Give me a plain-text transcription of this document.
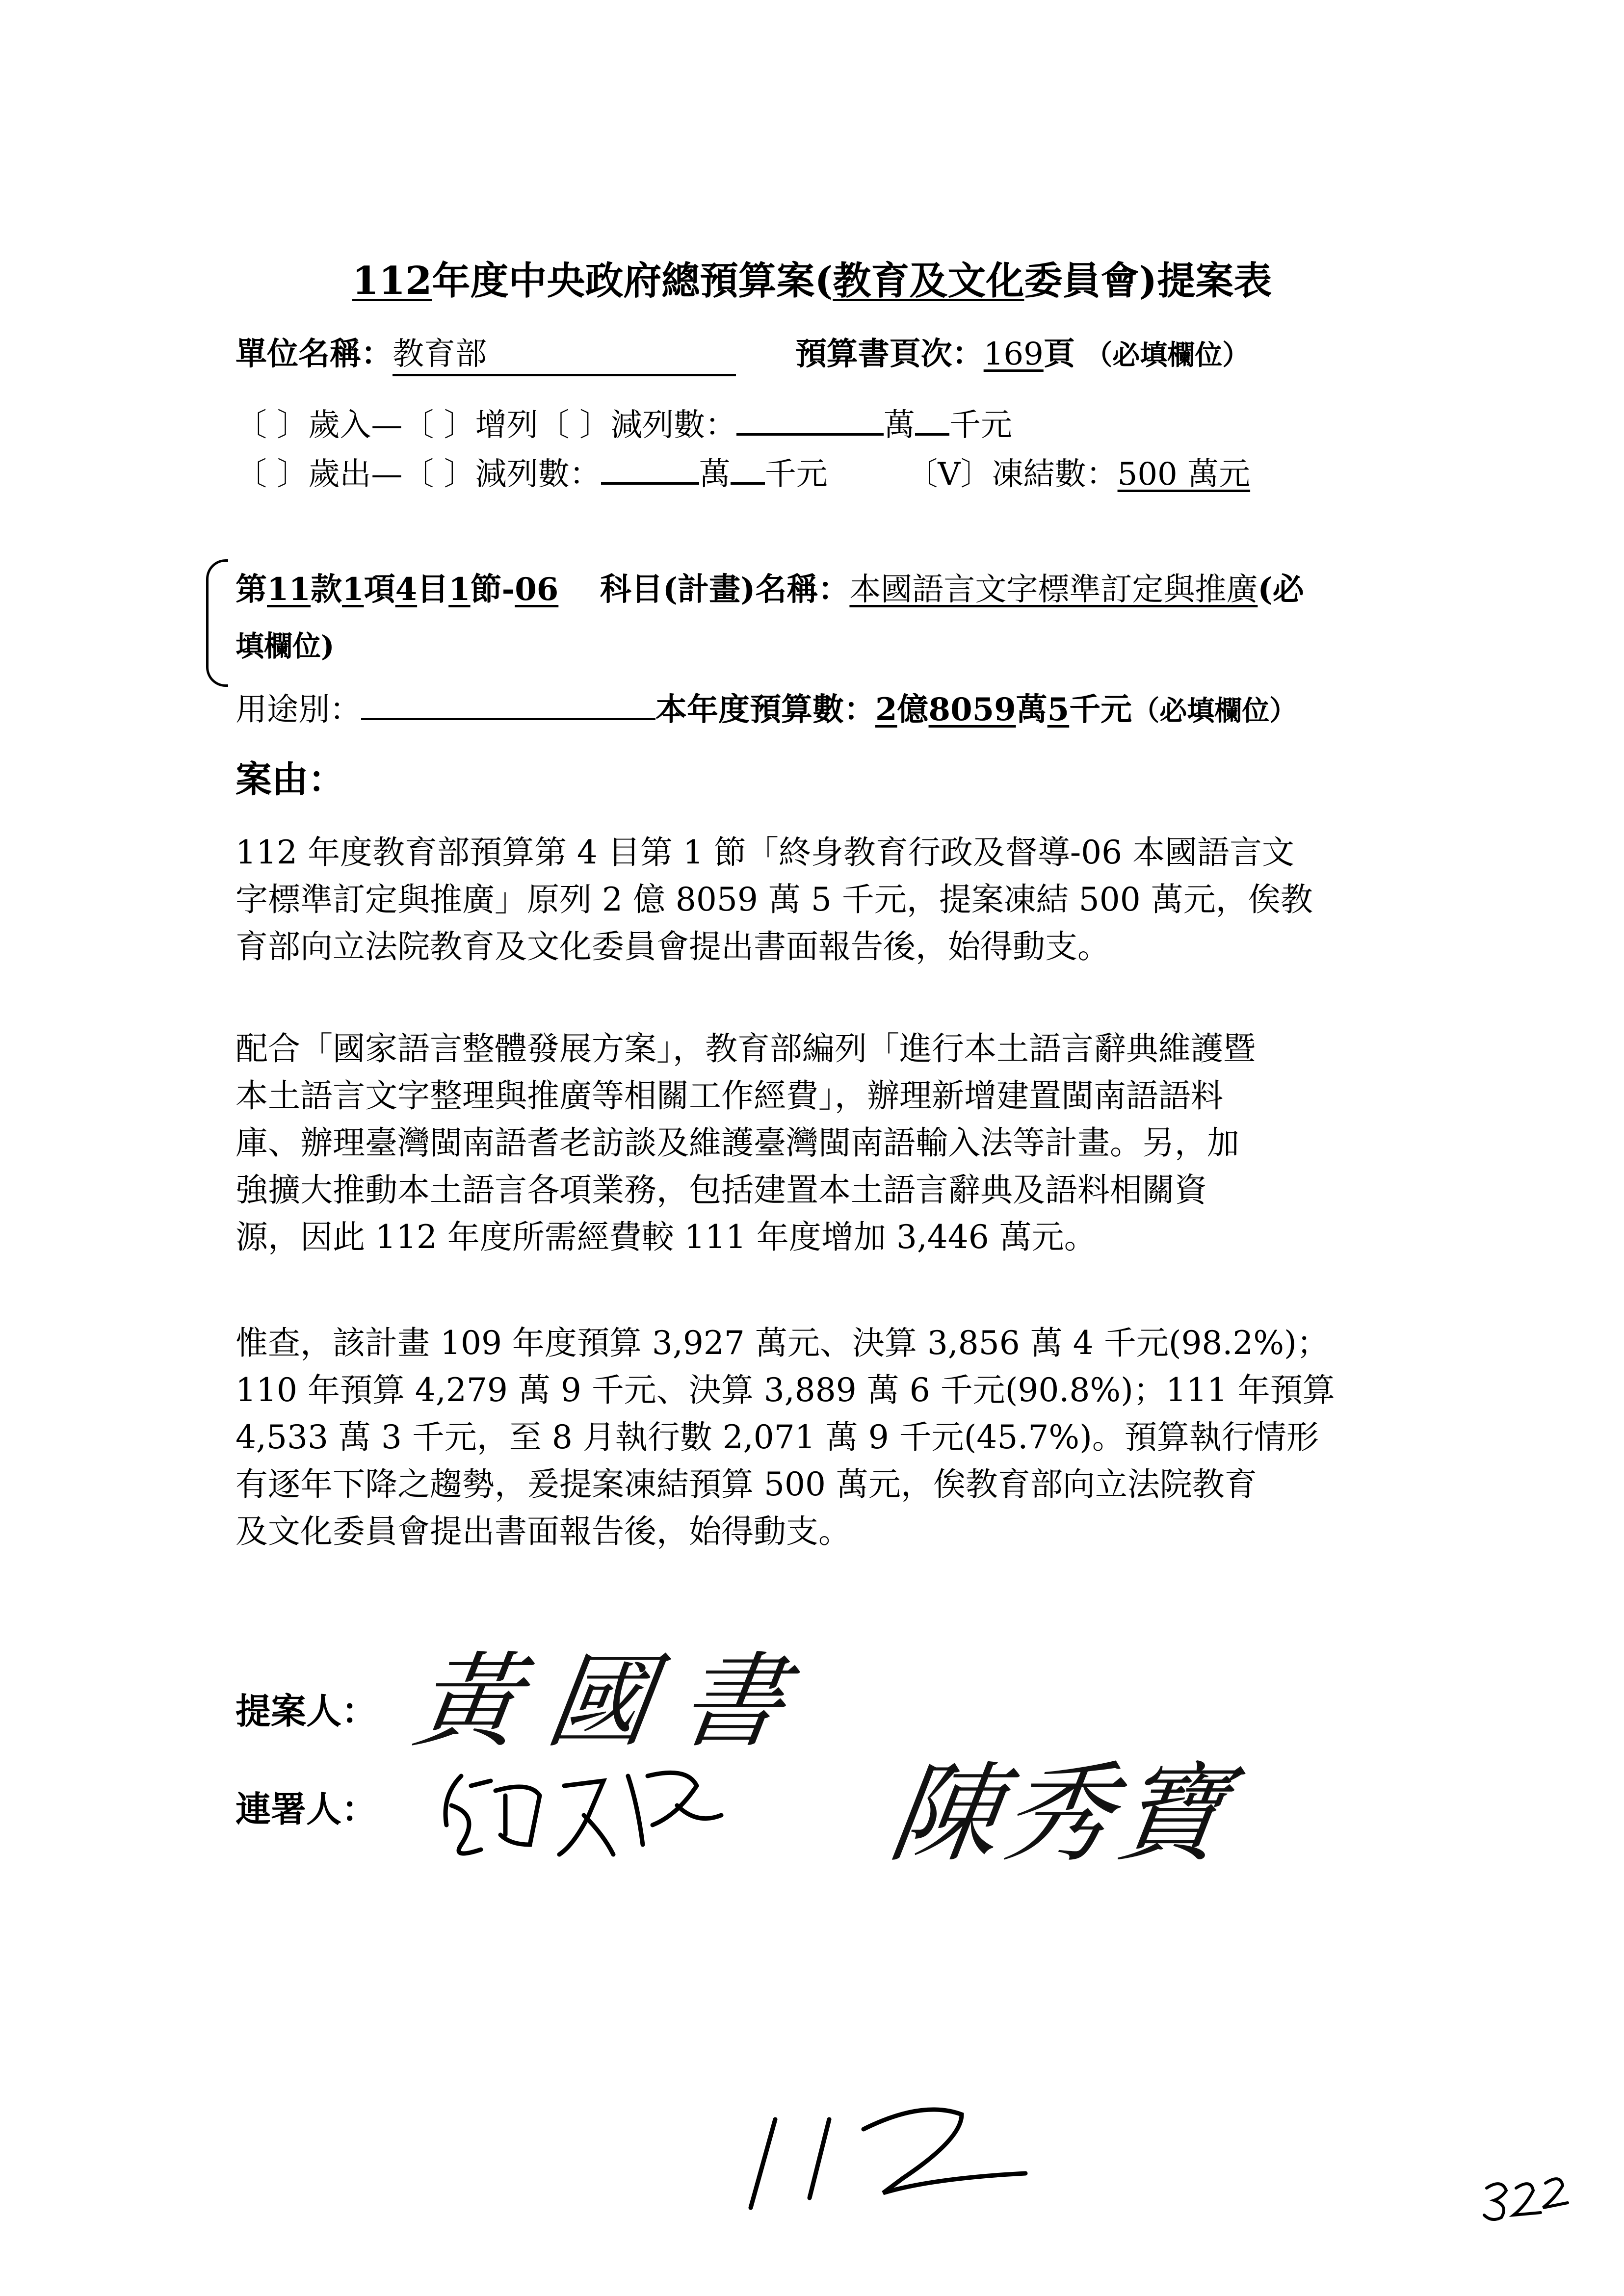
112年度中央政府總預算案(教育及文化委員會)提案表
單位名稱：教育部	預算書頁次：169頁 （必填欄位）
〔 〕歲入—〔 〕增列〔 〕減列數：	萬 千元
〔 〕歲出—〔 〕減列數：	萬 千元	〔V〕凍結數：500 萬元
第11款1項4目1節-06 科目(計畫)名稱：本國語言文字標準訂定與推廣(必
填欄位)
用途別：	本年度預算數：2億8059萬5千元（必填欄位）
案由：
112 年度教育部預算第 4 目第 1 節「終身教育行政及督導-06 本國語言文
字標準訂定與推廣」原列 2 億 8059 萬 5 千元，提案凍結 500 萬元，俟教
育部向立法院教育及文化委員會提出書面報告後，始得動支。
配合「國家語言整體發展方案」，教育部編列「進行本土語言辭典維護暨
本土語言文字整理與推廣等相關工作經費」，辦理新增建置閩南語語料
庫、辦理臺灣閩南語耆老訪談及維護臺灣閩南語輸入法等計畫。另，加
強擴大推動本土語言各項業務，包括建置本土語言辭典及語料相關資
源，因此 112 年度所需經費較 111 年度增加 3,446 萬元。
惟查，該計畫 109 年度預算 3,927 萬元、決算 3,856 萬 4 千元(98.2%)；
110 年預算 4,279 萬 9 千元、決算 3,889 萬 6 千元(90.8%)；111 年預算
4,533 萬 3 千元，至 8 月執行數 2,071 萬 9 千元(45.7%)。預算執行情形
有逐年下降之趨勢，爰提案凍結預算 500 萬元，俟教育部向立法院教育
及文化委員會提出書面報告後，始得動支。
提案人：
連署人：
黃國書
陳秀寶
